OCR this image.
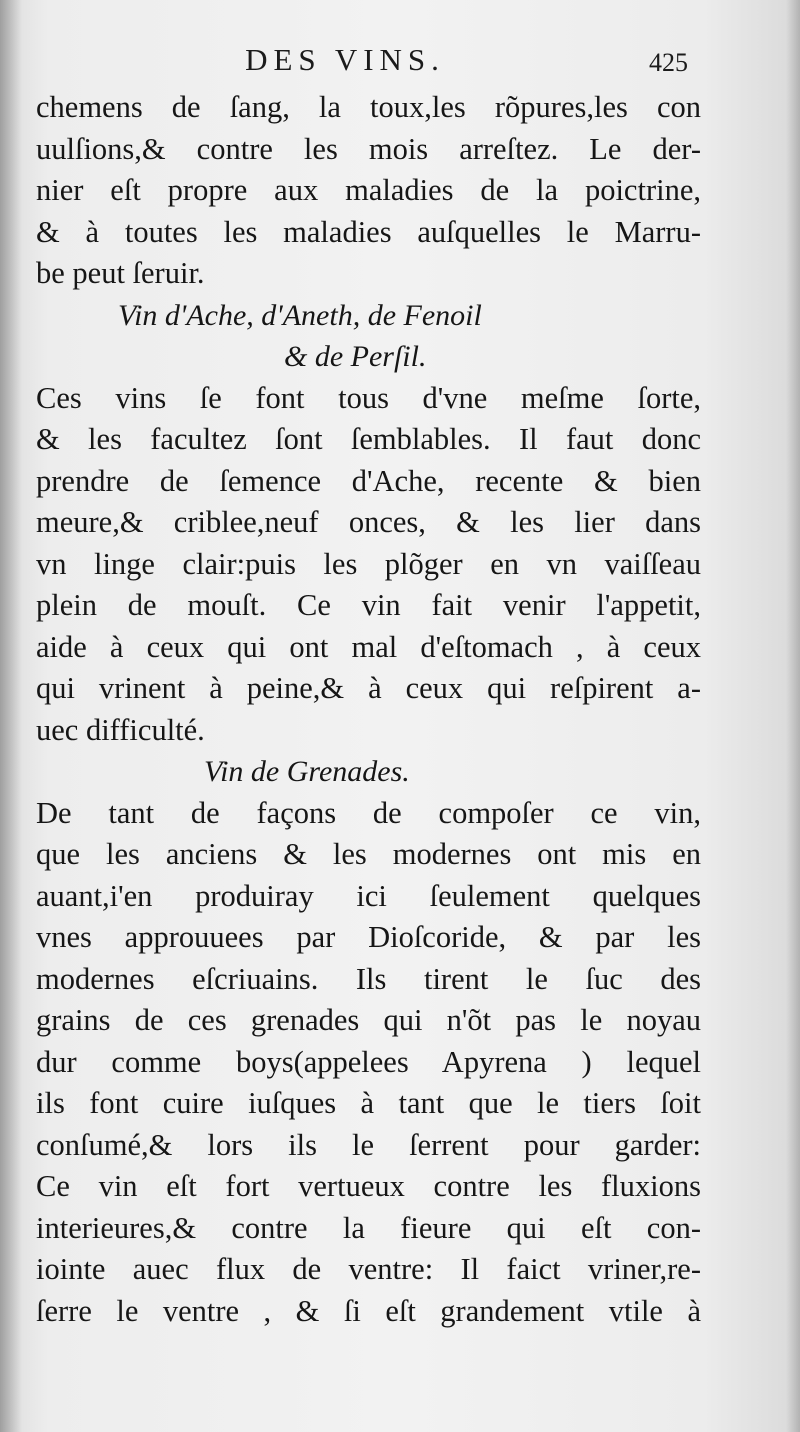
DES VINS.	425
chemens de ſang, la toux,les rõpures,les con
uulſions,& contre les mois arreſtez. Le der-
nier eſt propre aux maladies de la poictrine,
& à toutes les maladies auſquelles le Marru-
be peut ſeruir.
Vin d'Ache, d'Aneth, de Fenoil
& de Perſil.
Ces vins ſe font tous d'vne meſme ſorte,
& les facultez ſont ſemblables. Il faut donc
prendre de ſemence d'Ache, recente & bien
meure,& criblee,neuf onces, & les lier dans
vn linge clair:puis les plõger en vn vaiſſeau
plein de mouſt. Ce vin fait venir l'appetit,
aide à ceux qui ont mal d'eſtomach , à ceux
qui vrinent à peine,& à ceux qui reſpirent a-
uec difficulté.
Vin de Grenades.
De tant de façons de compoſer ce vin,
que les anciens & les modernes ont mis en
auant,i'en produiray ici ſeulement quelques
vnes approuuees par Dioſcoride, & par les
modernes eſcriuains. Ils tirent le ſuc des
grains de ces grenades qui n'õt pas le noyau
dur comme boys(appelees Apyrena ) lequel
ils font cuire iuſques à tant que le tiers ſoit
conſumé,& lors ils le ſerrent pour garder:
Ce vin eſt fort vertueux contre les fluxions
interieures,& contre la fieure qui eſt con-
iointe auec flux de ventre: Il faict vriner,re-
ſerre le ventre , & ſi eſt grandement vtile à
